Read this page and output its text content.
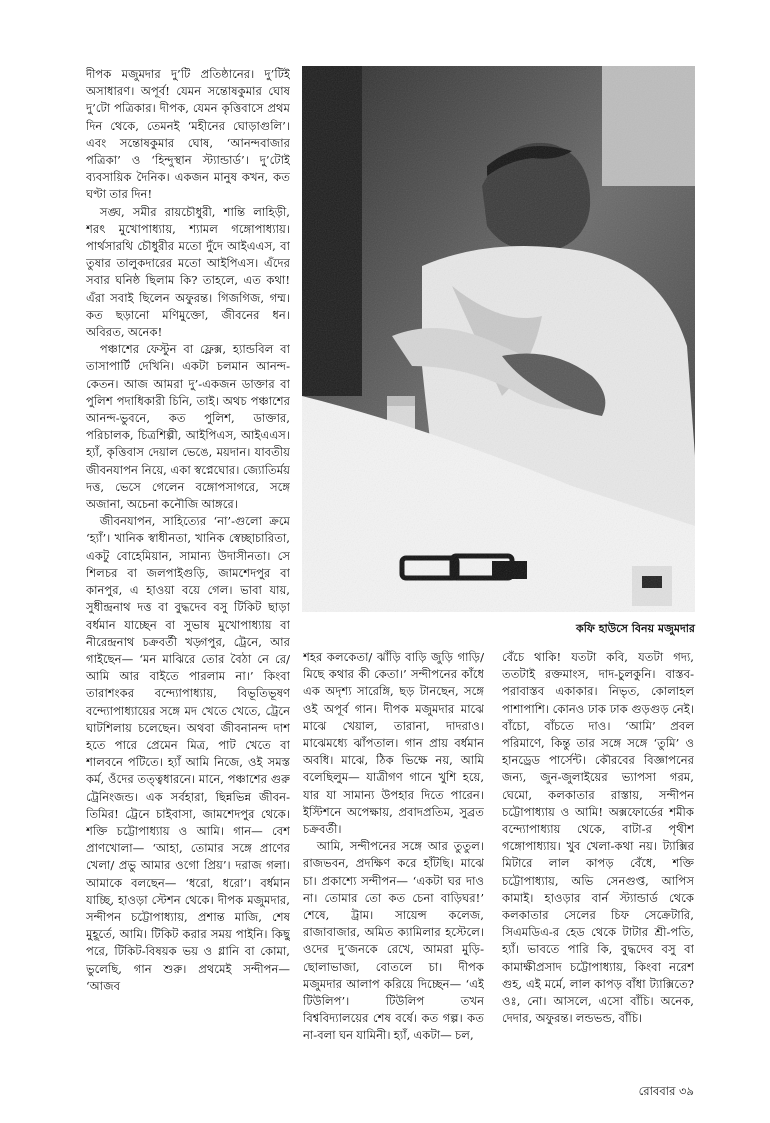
দীপক মজুমদার দু’টি প্রতিষ্ঠানের। দু’টিই অসাধারণ। অপূর্ব! যেমন সন্তোষকুমার ঘোষ দু’টো পত্রিকার। দীপক, যেমন কৃত্তিবাসে প্রথম দিন থেকে, তেমনই ‘মহীনের ঘোড়াগুলি’। এবং সন্তোষকুমার ঘোষ, ‘আনন্দবাজার পত্রিকা’ ও ‘হিন্দুস্থান স্ট্যান্ডার্ড’। দু’টোই ব্যবসায়িক দৈনিক। একজন মানুষ কখন, কত ঘণ্টা তার দিন!

সঙ্ঘ, সমীর রায়চৌধুরী, শান্তি লাহিড়ী, শরৎ মুখোপাধ্যায়, শ্যামল গঙ্গোপাধ্যায়। পার্থসারথি চৌধুরীর মতো দুঁদে আইএএস, বা তুষার তালুকদারের মতো আইপিএস। এঁদের সবার ঘনিষ্ঠ ছিলাম কি? তাহলে, এত কথা! এঁরা সবাই ছিলেন অফুরন্ত। গিজগিজ, গম্ম। কত ছড়ানো মণিমুক্তো, জীবনের ধন। অবিরত, অনেক!

পঞ্চাশের ফেস্টুন বা ফ্লেক্স, হ্যান্ডবিল বা তাসাপার্টি দেখিনি। একটা চলমান আনন্দ-কেতন। আজ আমরা দু’-একজন ডাক্তার বা পুলিশ পদাধিকারী চিনি, তাই। অথচ পঞ্চাশের আনন্দ-ভুবনে, কত পুলিশ, ডাক্তার, পরিচালক, চিত্রশিল্পী, আইপিএস, আইএএস। হ্যাঁ, কৃত্তিবাস দেয়াল ভেঙে, ময়দান। যাবতীয় জীবনযাপন নিয়ে, একা স্বপ্নেঘোর। জ্যোতির্ময় দত্ত, ভেসে গেলেন বঙ্গোপসাগরে, সঙ্গে অজানা, অচেনা কনৌজি আঙ্গরে।

জীবনযাপন, সাহিত্যের ‘না’-গুলো ক্রমে ‘হ্যাঁ’। খানিক স্বাধীনতা, খানিক স্বেচ্ছাচারিতা, একটু বোহেমিয়ান, সামান্য উদাসীনতা। সে শিলচর বা জলপাইগুড়ি, জামশেদপুর বা কানপুর, এ হাওয়া বয়ে গেল। ভাবা যায়, সুধীন্দ্রনাথ দত্ত বা বুদ্ধদেব বসু টিকিট ছাড়া বর্ধমান যাচ্ছেন বা সুভাষ মুখোপাধ্যায় বা নীরেন্দ্রনাথ চক্রবর্তী খড়্গপুর, ট্রেনে, আর গাইছেন— ‘মন মাঝিরে তোর বৈঠা নে রে/ আমি আর বাইতে পারলাম না।’ কিংবা তারাশংকর বন্দ্যোপাধ্যায়, বিভূতিভূষণ বন্দ্যোপাধ্যায়ের সঙ্গে মদ খেতে খেতে, ট্রেনে ঘাটশিলায় চলেছেন। অথবা জীবনানন্দ দাশ হতে পারে প্রেমেন মিত্র, পাট খেতে বা শালবনে পটিতে। হ্যাঁ আমি নিজে, ওই সমস্ত কর্ম, ওঁদের তত্ত্বধারনে। মানে, পঞ্চাশের গুরু ট্রেনিংজন্ড। এক সর্বহারা, ছিন্নভিন্ন জীবন-তিমির! ট্রেনে চাইবাসা, জামশেদপুর থেকে। শক্তি চট্টোপাধ্যায় ও আমি। গান— বেশ প্রাণখোলা— ‘আহা, তোমার সঙ্গে প্রাণের খেলা/ প্রভু আমার ওগো প্রিয়’। দরাজ গলা। আমাকে বলছেন— ‘ধরো, ধরো’। বর্ধমান যাচ্ছি, হাওড়া স্টেশন থেকে। দীপক মজুমদার, সন্দীপন চট্টোপাধ্যায়, প্রশান্ত মাজি, শেষ মুহূর্তে, আমি। টিকিট করার সময় পাইনি। কিছু পরে, টিকিট-বিষয়ক ভয় ও গ্লানি বা কোমা, ভুলেছি, গান শুরু। প্রথমেই সন্দীপন— ‘আজব

কফি হাউসে বিনয় মজুমদার

শহর কলকেতা/ ঝাঁড়ি বাড়ি জুড়ি গাড়ি/ মিছে কথার কী কেতা।’ সন্দীপনের কাঁধে এক অদৃশ্য সারেঙ্গি, ছড় টানছেন, সঙ্গে ওই অপূর্ব গান। দীপক মজুমদার মাঝে মাঝে খেয়াল, তারানা, দাদরাও। মাঝেমধ্যে ঝাঁপতাল। গান প্রায় বর্ধমান অবধি। মাঝে, ঠিক ভিক্ষে নয়, আমি বলেছিলুম— যাত্রীগণ গানে খুশি হয়ে, যার যা সামান্য উপহার দিতে পারেন। ইস্টিশনে অপেক্ষায়, প্রবাদপ্রতিম, সুব্রত চক্রবর্তী।

আমি, সন্দীপনের সঙ্গে আর তুতুল। রাজভবন, প্রদক্ষিণ করে হাঁটছি। মাঝে চা। প্রকাশ্যে সন্দীপন— ‘একটা ঘর দাও না। তোমার তো কত চেনা বাড়িঘর!’ শেষে, ট্রাম। সায়েন্স কলেজ, রাজাবাজার, অমিত ক্যামিলার হস্টেলে। ওদের দু’জনকে রেখে, আমরা মুড়ি-ছোলাভাজা, বোতলে চা। দীপক মজুমদার আলাপ করিয়ে দিচ্ছেন— ‘এই টিউলিপ’। টিউলিপ তখন বিশ্ববিদ্যালয়ের শেষ বর্ষে। কত গল্প। কত না-বলা ঘন যামিনী। হ্যাঁ, একটা— চল,

বেঁচে থাকি! যতটা কবি, যতটা গদ্য, ততটাই রক্তমাংস, দাদ-চুলকুনি। বাস্তব-পরাবাস্তব একাকার। নিভৃত, কোলাহল পাশাপাশি। কোনও ঢাক ঢাক গুড়গুড় নেই। বাঁচো, বাঁচতে দাও। ‘আমি’ প্রবল পরিমাণে, কিন্তু তার সঙ্গে সঙ্গে ‘তুমি’ ও হানড্রেড পার্সেন্ট। কৌরবের বিজ্ঞাপনের জন্য, জুন-জুলাইয়ের ভ্যাপসা গরম, ঘেমো, কলকাতার রাস্তায়, সন্দীপন চট্টোপাধ্যায় ও আমি! অক্সফোর্ডের শমীক বন্দ্যোপাধ্যায় থেকে, বাটা-র পৃথীশ গঙ্গোপাধ্যায়। খুব খেলা-কথা নয়। ট্যাক্সির মিটারে লাল কাপড় বেঁধে, শক্তি চট্টোপাধ্যায়, অভি সেনগুপ্ত, আপিস কামাই। হাওড়ার বার্ন স্ট্যান্ডার্ড থেকে কলকাতার সেলের চিফ সেক্রেটারি, সিএমডিএ-র হেড থেকে টাটার শ্রী-পতি, হ্যাঁ। ভাবতে পারি কি, বুদ্ধদেব বসু বা কামাক্ষীপ্রসাদ চট্টোপাধ্যায়, কিংবা নরেশ গুহ, এই মর্মে, লাল কাপড় বাঁধা ট্যাক্সিতে? ওঃ, নো। আসলে, এসো বাঁচি। অনেক, দেদার, অফুরন্ত। লন্ডভন্ড, বাঁচি।

রোববার ৩৯
